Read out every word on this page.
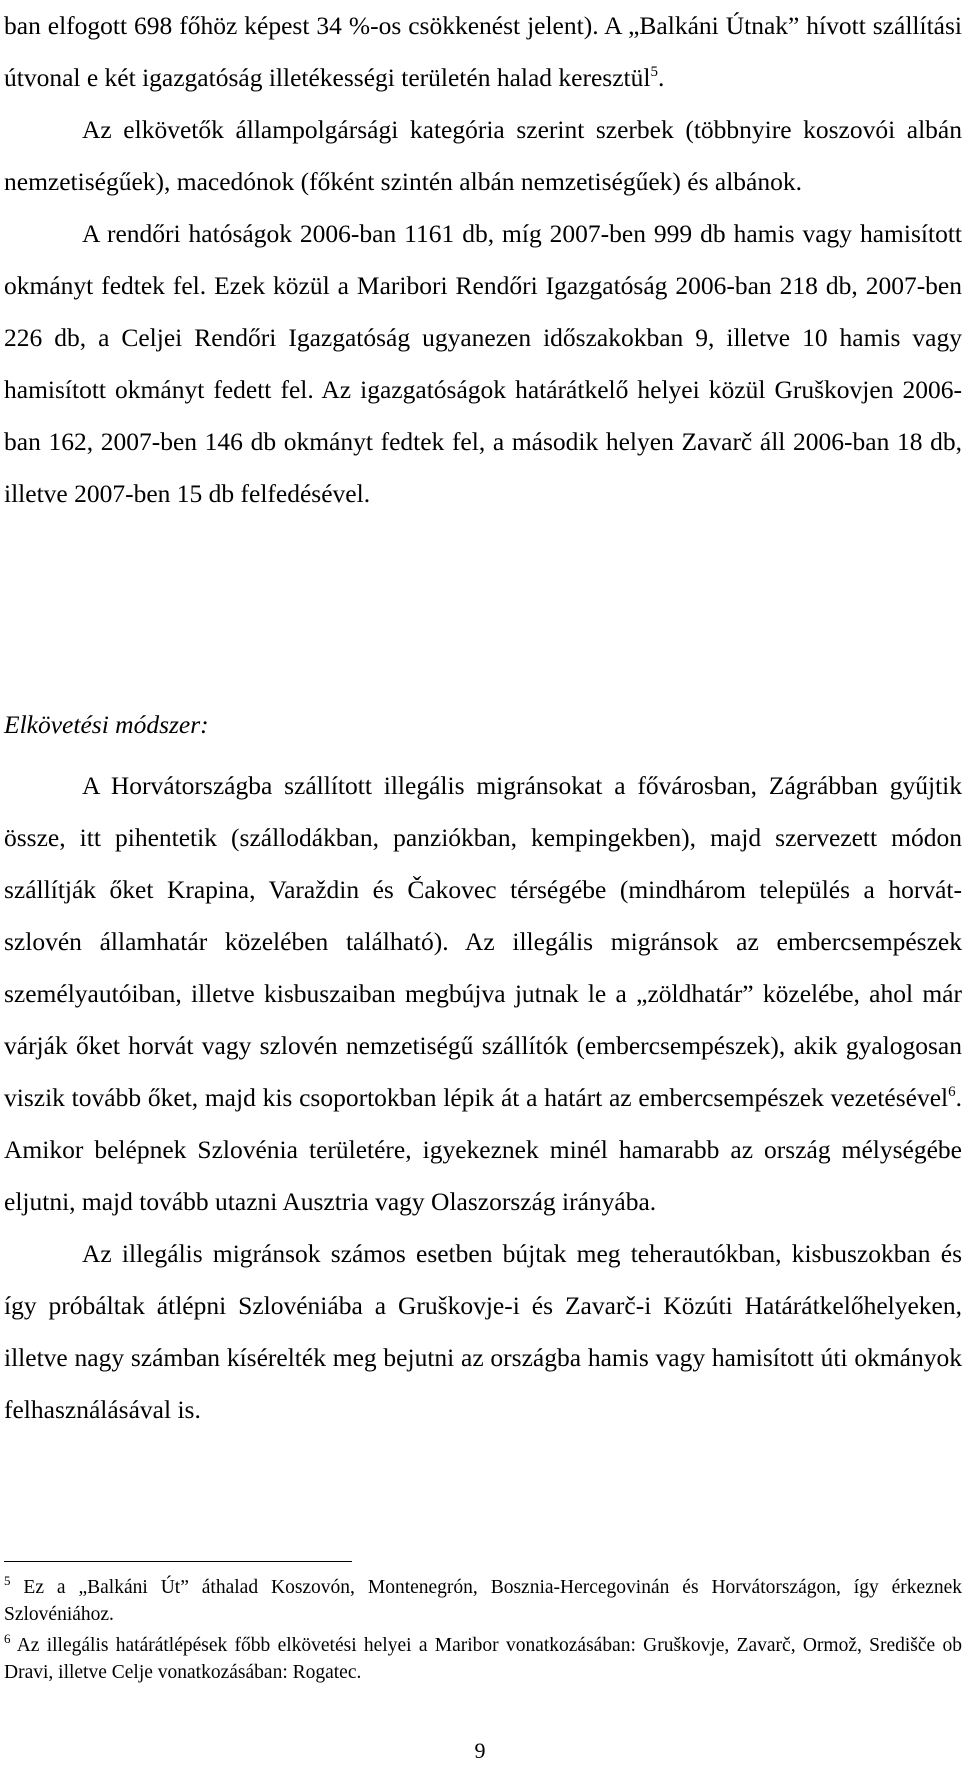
ban elfogott 698 főhöz képest 34 %-os csökkenést jelent). A „Balkáni Útnak” hívott szállítási útvonal e két igazgatóság illetékességi területén halad keresztül$^5$.

Az elkövetők állampolgársági kategória szerint szerbek (többnyire koszovói albán nemzetiségűek), macedónok (főként szintén albán nemzetiségűek) és albánok.

A rendőri hatóságok 2006-ban 1161 db, míg 2007-ben 999 db hamis vagy hamisított okmányt fedtek fel. Ezek közül a Maribori Rendőri Igazgatóság 2006-ban 218 db, 2007-ben 226 db, a Celjei Rendőri Igazgatóság ugyanezen időszakokban 9, illetve 10 hamis vagy hamisított okmányt fedett fel. Az igazgatóságok határátkelő helyei közül Gruškovjen 2006-ban 162, 2007-ben 146 db okmányt fedtek fel, a második helyen Zavarč áll 2006-ban 18 db, illetve 2007-ben 15 db felfedésével.

Elkövetési módszer:

A Horvátországba szállított illegális migránsokat a fővárosban, Zágrábban gyűjtik össze, itt pihentetik (szállodákban, panziókban, kempingekben), majd szervezett módon szállítják őket Krapina, Varaždin és Čakovec térségébe (mindhárom település a horvát-szlovén államhatár közelében található). Az illegális migránsok az embercsempészek személyautóiban, illetve kisbuszaiban megbújva jutnak le a „zöldhatár” közelébe, ahol már várják őket horvát vagy szlovén nemzetiségű szállítók (embercsempészek), akik gyalogosan viszik tovább őket, majd kis csoportokban lépik át a határt az embercsempészek vezetésével$^6$. Amikor belépnek Szlovénia területére, igyekeznek minél hamarabb az ország mélységébe eljutni, majd tovább utazni Ausztria vagy Olaszország irányába.

Az illegális migránsok számos esetben bújtak meg teherautókban, kisbuszokban és így próbáltak átlépni Szlovéniába a Gruškovje-i és Zavarč-i Közúti Határátkelőhelyeken, illetve nagy számban kísérelték meg bejutni az országba hamis vagy hamisított úti okmányok felhasználásával is.

$^5$ Ez a „Balkáni Út” áthalad Koszovón, Montenegrón, Bosznia-Hercegovinán és Horvátországon, így érkeznek Szlovéniához.

$^6$ Az illegális határátlépések főbb elkövetési helyei a Maribor vonatkozásában: Gruškovje, Zavarč, Ormož, Središče ob Dravi, illetve Celje vonatkozásában: Rogatec.

9
